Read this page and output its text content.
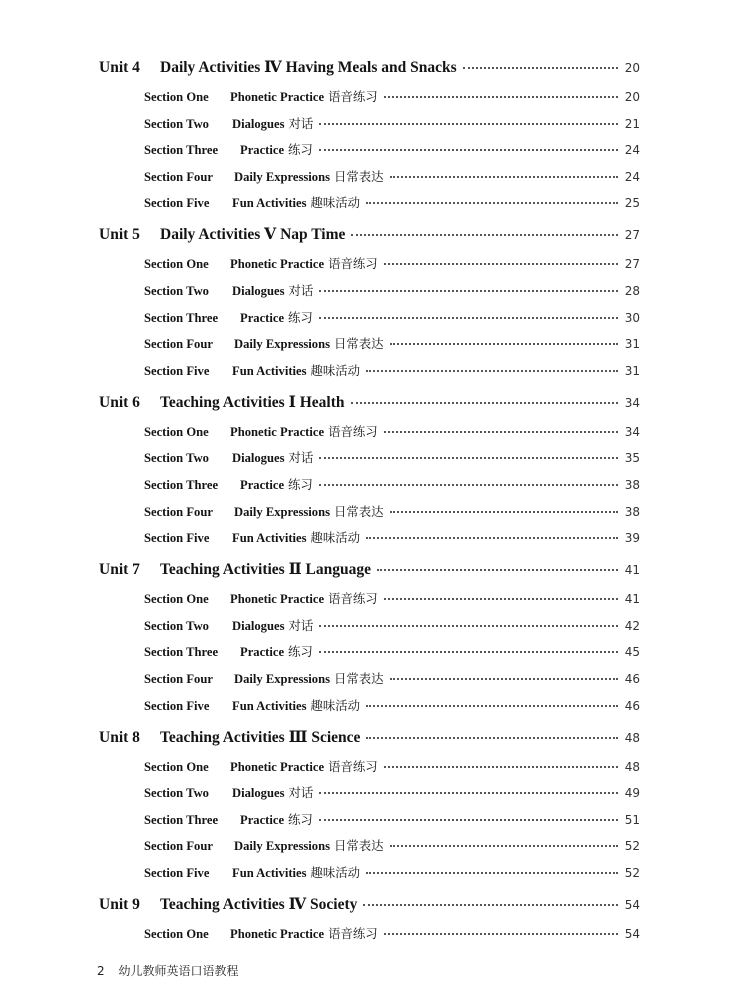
Unit 4	Daily Activities Ⅳ Having Meals and Snacks	20
Section One	Phonetic Practice 语音练习	20
Section Two	Dialogues 对话	21
Section Three	Practice 练习	24
Section Four	Daily Expressions 日常表达	24
Section Five	Fun Activities 趣味活动	25
Unit 5	Daily Activities Ⅴ Nap Time	27
Section One	Phonetic Practice 语音练习	27
Section Two	Dialogues 对话	28
Section Three	Practice 练习	30
Section Four	Daily Expressions 日常表达	31
Section Five	Fun Activities 趣味活动	31
Unit 6	Teaching Activities Ⅰ Health	34
Section One	Phonetic Practice 语音练习	34
Section Two	Dialogues 对话	35
Section Three	Practice 练习	38
Section Four	Daily Expressions 日常表达	38
Section Five	Fun Activities 趣味活动	39
Unit 7	Teaching Activities Ⅱ Language	41
Section One	Phonetic Practice 语音练习	41
Section Two	Dialogues 对话	42
Section Three	Practice 练习	45
Section Four	Daily Expressions 日常表达	46
Section Five	Fun Activities 趣味活动	46
Unit 8	Teaching Activities Ⅲ Science	48
Section One	Phonetic Practice 语音练习	48
Section Two	Dialogues 对话	49
Section Three	Practice 练习	51
Section Four	Daily Expressions 日常表达	52
Section Five	Fun Activities 趣味活动	52
Unit 9	Teaching Activities Ⅳ Society	54
Section One	Phonetic Practice 语音练习	54
2 幼儿教师英语口语教程
